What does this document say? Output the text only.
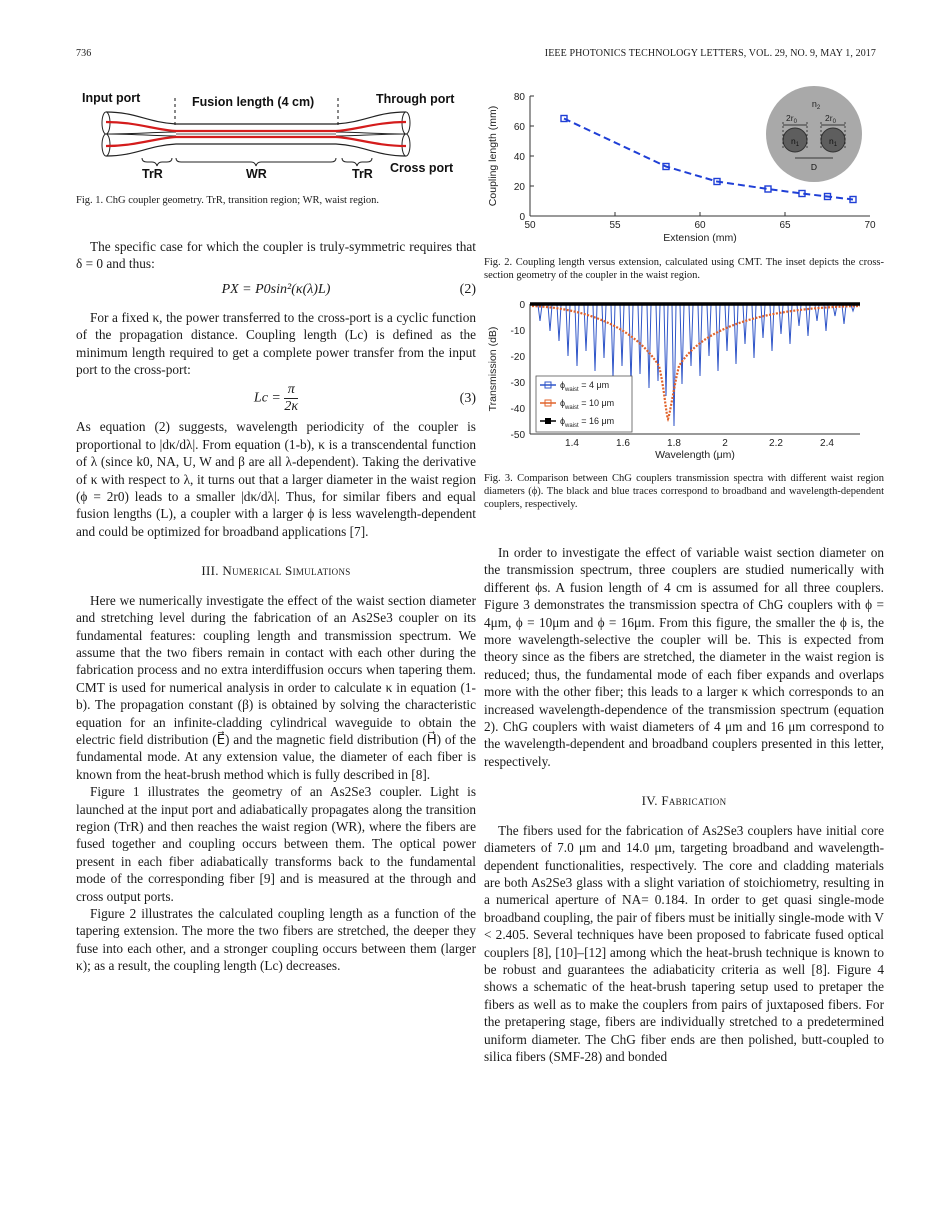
736	IEEE PHOTONICS TECHNOLOGY LETTERS, VOL. 29, NO. 9, MAY 1, 2017
Input port	Fusion length (4 cm)	Through port
Cross port
TrR	WR	TrR
Fig. 1. ChG coupler geometry. TrR, transition region; WR, waist region.

The specific case for which the coupler is truly-symmetric requires that δ = 0 and thus:

PX = P0sin²(κ(λ)L)	(2)

For a fixed κ, the power transferred to the cross-port is a cyclic function of the propagation distance. Coupling length (Lc) is defined as the minimum length required to get a complete power transfer from the input port to the cross-port:

$Lc = \frac{\pi}{2\kappa}$	(3)

As equation (2) suggests, wavelength periodicity of the coupler is proportional to |dκ/dλ|. From equation (1-b), κ is a transcendental function of λ (since k0, NA, U, W and β are all λ-dependent). Taking the derivative of κ with respect to λ, it turns out that a larger diameter in the waist region (ϕ = 2r0) leads to a smaller |dκ/dλ|. Thus, for similar fibers and equal fusion lengths (L), a coupler with a larger ϕ is less wavelength-dependent and could be optimized for broadband applications [7].

III. Numerical Simulations

Here we numerically investigate the effect of the waist section diameter and stretching level during the fabrication of an As2Se3 coupler on its fundamental features: coupling length and transmission spectrum. We assume that the two fibers remain in contact with each other during the fabrication process and no extra interdiffusion occurs when tapering them. CMT is used for numerical analysis in order to calculate κ in equation (1-b). The propagation constant (β) is obtained by solving the characteristic equation for an infinite-cladding cylindrical waveguide to obtain the electric field distribution (E⃗) and the magnetic field distribution (H⃗) of the fundamental mode. At any extension value, the diameter of each fiber is known from the heat-brush method which is fully described in [8].

Figure 1 illustrates the geometry of an As2Se3 coupler. Light is launched at the input port and adiabatically propagates along the transition region (TrR) and then reaches the waist region (WR), where the fibers are fused together and coupling occurs between them. The optical power present in each fiber adiabatically transforms back to the fundamental mode of the corresponding fiber [9] and is measured at the through and cross output ports.

Figure 2 illustrates the calculated coupling length as a function of the tapering extension. The more the two fibers are stretched, the deeper they fuse into each other, and a stronger coupling occurs between them (larger κ); as a result, the coupling length (Lc) decreases.

80
60
40
20
0
50	55	60	65	70
Extension (mm)
Coupling length (mm)
$n_2$
$2r_0$	$2r_0$
$n_1$	$n_1$
D
Fig. 2. Coupling length versus extension, calculated using CMT. The inset depicts the cross-section geometry of the coupler in the waist region.
0
-10
-20
-30
-40
-50
1.4	1.6	1.8	2	2.2	2.4
Wavelength (μm)
Transmission (dB)	$\phi_{waist} = 4$ μm
$\phi_{waist} = 10$ μm
$\phi_{waist} = 16$ μm
Fig. 3. Comparison between ChG couplers transmission spectra with different waist region diameters (ϕ). The black and blue traces correspond to broadband and wavelength-dependent couplers, respectively.

In order to investigate the effect of variable waist section diameter on the transmission spectrum, three couplers are studied numerically with different ϕs. A fusion length of 4 cm is assumed for all three couplers. Figure 3 demonstrates the transmission spectra of ChG couplers with ϕ = 4μm, ϕ = 10μm and ϕ = 16μm. From this figure, the smaller the ϕ is, the more wavelength-selective the coupler will be. This is expected from theory since as the fibers are stretched, the diameter in the waist region is reduced; thus, the fundamental mode of each fiber expands and overlaps more with the other fiber; this leads to a larger κ which corresponds to an increased wavelength-dependence of the transmission spectrum (equation 2). ChG couplers with waist diameters of 4 μm and 16 μm correspond to the wavelength-dependent and broadband couplers presented in this letter, respectively.

IV. Fabrication

The fibers used for the fabrication of As2Se3 couplers have initial core diameters of 7.0 μm and 14.0 μm, targeting broadband and wavelength-dependent functionalities, respectively. The core and cladding materials are both As2Se3 glass with a slight variation of stoichiometry, resulting in a numerical aperture of NA= 0.184. In order to get quasi single-mode broadband coupling, the pair of fibers must be initially single-mode with V < 2.405. Several techniques have been proposed to fabricate fused optical couplers [8], [10]–[12] among which the heat-brush technique is known to be robust and guarantees the adiabaticity criteria as well [8]. Figure 4 shows a schematic of the heat-brush tapering setup used to pretaper the fibers as well as to make the couplers from pairs of juxtaposed fibers. For the pretapering stage, fibers are individually stretched to a predetermined uniform diameter. The ChG fiber ends are then polished, butt-coupled to silica fibers (SMF-28) and bonded
